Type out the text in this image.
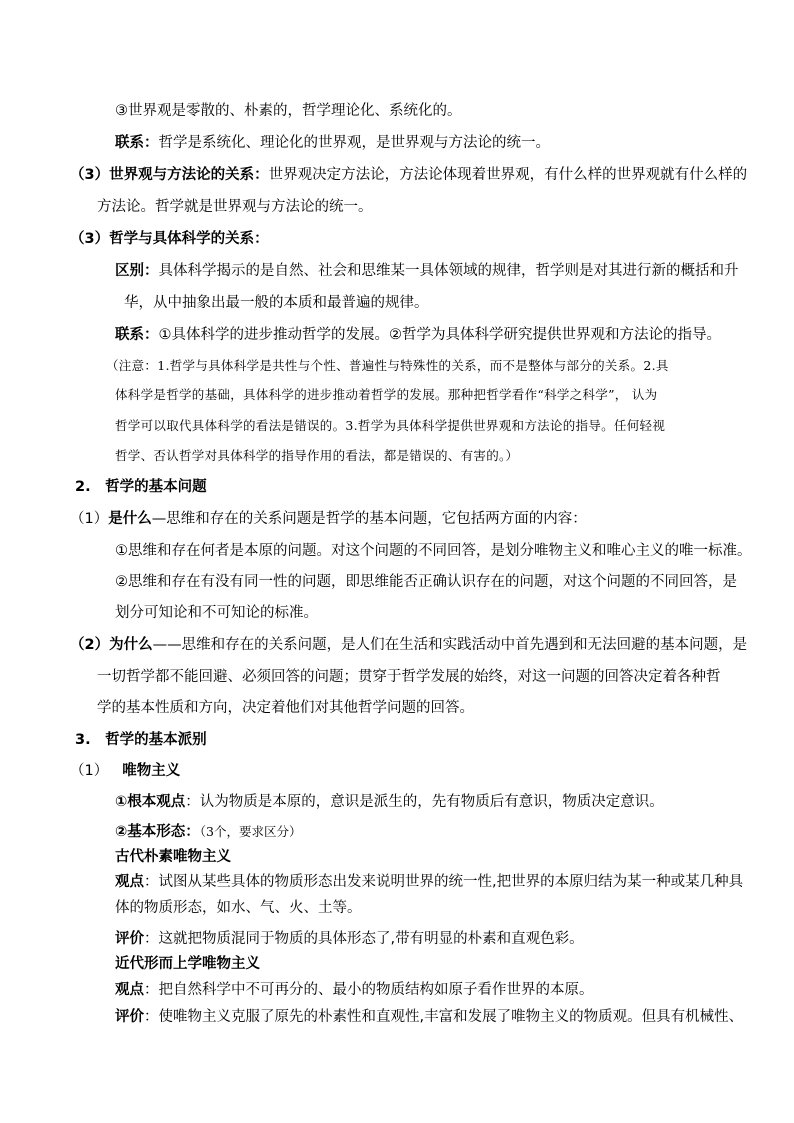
③世界观是零散的、朴素的，哲学理论化、系统化的。
联系：哲学是系统化、理论化的世界观，是世界观与方法论的统一。
（3）世界观与方法论的关系：世界观决定方法论，方法论体现着世界观，有什么样的世界观就有什么样的
方法论。哲学就是世界观与方法论的统一。
（3）哲学与具体科学的关系：
区别：具体科学揭示的是自然、社会和思维某一具体领域的规律，哲学则是对其进行新的概括和升
华，从中抽象出最一般的本质和最普遍的规律。
联系：①具体科学的进步推动哲学的发展。②哲学为具体科学研究提供世界观和方法论的指导。
（注意：1.哲学与具体科学是共性与个性、普遍性与特殊性的关系，而不是整体与部分的关系。2.具
体科学是哲学的基础，具体科学的进步推动着哲学的发展。那种把哲学看作“科学之科学”， 认为
哲学可以取代具体科学的看法是错误的。3.哲学为具体科学提供世界观和方法论的指导。任何轻视
哲学、否认哲学对具体科学的指导作用的看法，都是错误的、有害的。）
2.　哲学的基本问题
（1）是什么—思维和存在的关系问题是哲学的基本问题，它包括两方面的内容：
①思维和存在何者是本原的问题。对这个问题的不同回答，是划分唯物主义和唯心主义的唯一标准。
②思维和存在有没有同一性的问题，即思维能否正确认识存在的问题，对这个问题的不同回答，是
划分可知论和不可知论的标准。
（2）为什么——思维和存在的关系问题，是人们在生活和实践活动中首先遇到和无法回避的基本问题，是
一切哲学都不能回避、必须回答的问题；贯穿于哲学发展的始终，对这一问题的回答决定着各种哲
学的基本性质和方向，决定着他们对其他哲学问题的回答。
3.　哲学的基本派别
（1） 唯物主义
①根本观点：认为物质是本原的，意识是派生的，先有物质后有意识，物质决定意识。
②基本形态：（3个，要求区分）
古代朴素唯物主义
观点：试图从某些具体的物质形态出发来说明世界的统一性,把世界的本原归结为某一种或某几种具
体的物质形态，如水、气、火、土等。
评价：这就把物质混同于物质的具体形态了,带有明显的朴素和直观色彩。
近代形而上学唯物主义
观点：把自然科学中不可再分的、最小的物质结构如原子看作世界的本原。
评价：使唯物主义克服了原先的朴素性和直观性,丰富和发展了唯物主义的物质观。但具有机械性、
